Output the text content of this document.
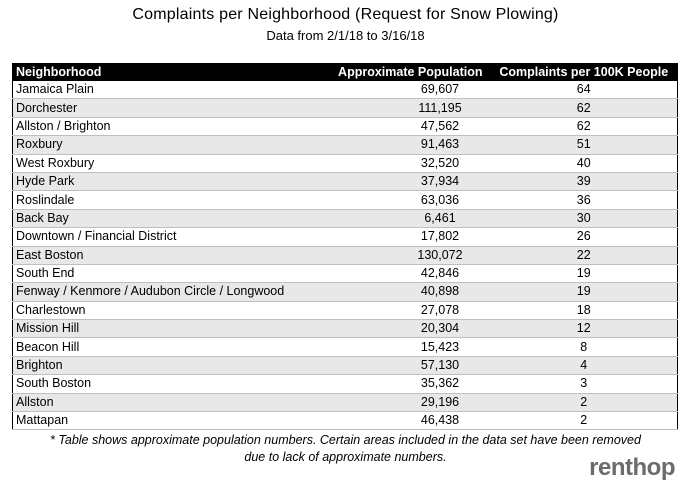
Complaints per Neighborhood (Request for Snow Plowing)
Data from 2/1/18 to 3/16/18
Neighborhood	Approximate Population	Complaints per 100K People
Jamaica Plain	69,607	64
Dorchester	111,195	62
Allston / Brighton	47,562	62
Roxbury	91,463	51
West Roxbury	32,520	40
Hyde Park	37,934	39
Roslindale	63,036	36
Back Bay	6,461	30
Downtown / Financial District	17,802	26
East Boston	130,072	22
South End	42,846	19
Fenway / Kenmore / Audubon Circle / Longwood	40,898	19
Charlestown	27,078	18
Mission Hill	20,304	12
Beacon Hill	15,423	8
Brighton	57,130	4
South Boston	35,362	3
Allston	29,196	2
Mattapan	46,438	2
* Table shows approximate population numbers. Certain areas included in the data set have been removed
due to lack of approximate numbers.	renthop
